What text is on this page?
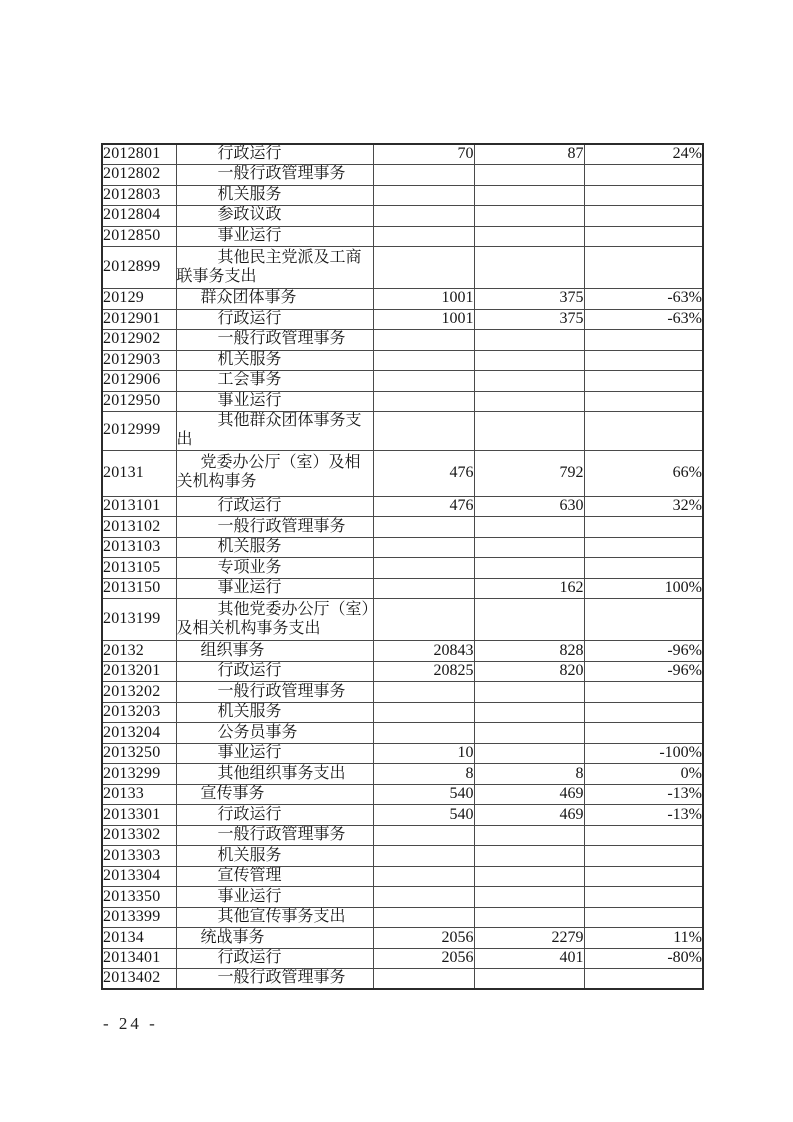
2012801	行政运行	70	87	24%
2012802	一般行政管理事务			
2012803	机关服务			
2012804	参政议政			
2012850	事业运行			
2012899	其他民主党派及工商联事务支出			
20129	群众团体事务	1001	375	-63%
2012901	行政运行	1001	375	-63%
2012902	一般行政管理事务			
2012903	机关服务			
2012906	工会事务			
2012950	事业运行			
2012999	其他群众团体事务支出			
20131	党委办公厅（室）及相关机构事务	476	792	66%
2013101	行政运行	476	630	32%
2013102	一般行政管理事务			
2013103	机关服务			
2013105	专项业务			
2013150	事业运行		162	100%
2013199	其他党委办公厅（室）及相关机构事务支出			
20132	组织事务	20843	828	-96%
2013201	行政运行	20825	820	-96%
2013202	一般行政管理事务			
2013203	机关服务			
2013204	公务员事务			
2013250	事业运行	10		-100%
2013299	其他组织事务支出	8	8	0%
20133	宣传事务	540	469	-13%
2013301	行政运行	540	469	-13%
2013302	一般行政管理事务			
2013303	机关服务			
2013304	宣传管理			
2013350	事业运行			
2013399	其他宣传事务支出			
20134	统战事务	2056	2279	11%
2013401	行政运行	2056	401	-80%
2013402	一般行政管理事务			
- 24 -
